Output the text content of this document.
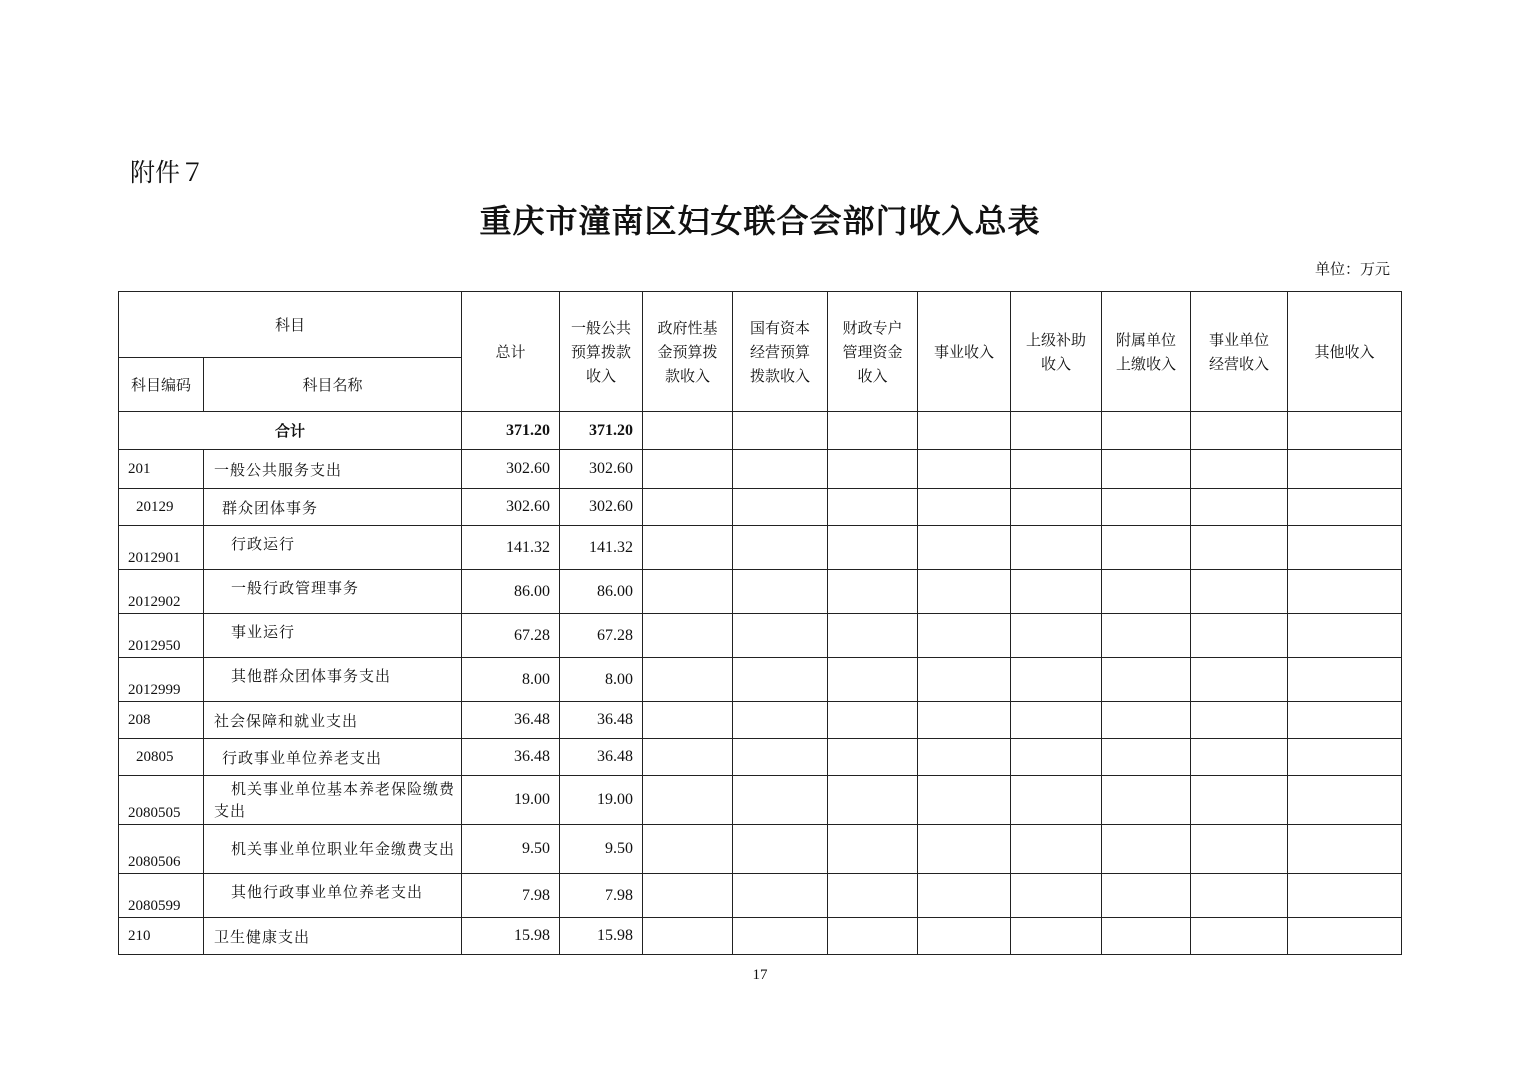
附件７
重庆市潼南区妇女联合会部门收入总表
单位：万元
科目		总计	一般公共预算拨款收入	政府性基金预算拨款收入	国有资本经营预算拨款收入	财政专户管理资金收入	事业收入	上级补助收入	附属单位上缴收入	事业单位经营收入	其他收入
科目编码	科目名称										
合计		371.20	371.20								
201	一般公共服务支出	302.60	302.60								
20129	群众团体事务	302.60	302.60								
2012901	行政运行	141.32	141.32								
2012902	一般行政管理事务	86.00	86.00								
2012950	事业运行	67.28	67.28								
2012999	其他群众团体事务支出	8.00	8.00								
208	社会保障和就业支出	36.48	36.48								
20805	行政事业单位养老支出	36.48	36.48								
2080505	机关事业单位基本养老保险缴费支出	19.00	19.00								
2080506	机关事业单位职业年金缴费支出	9.50	9.50								
2080599	其他行政事业单位养老支出	7.98	7.98								
210	卫生健康支出	15.98	15.98								
17
